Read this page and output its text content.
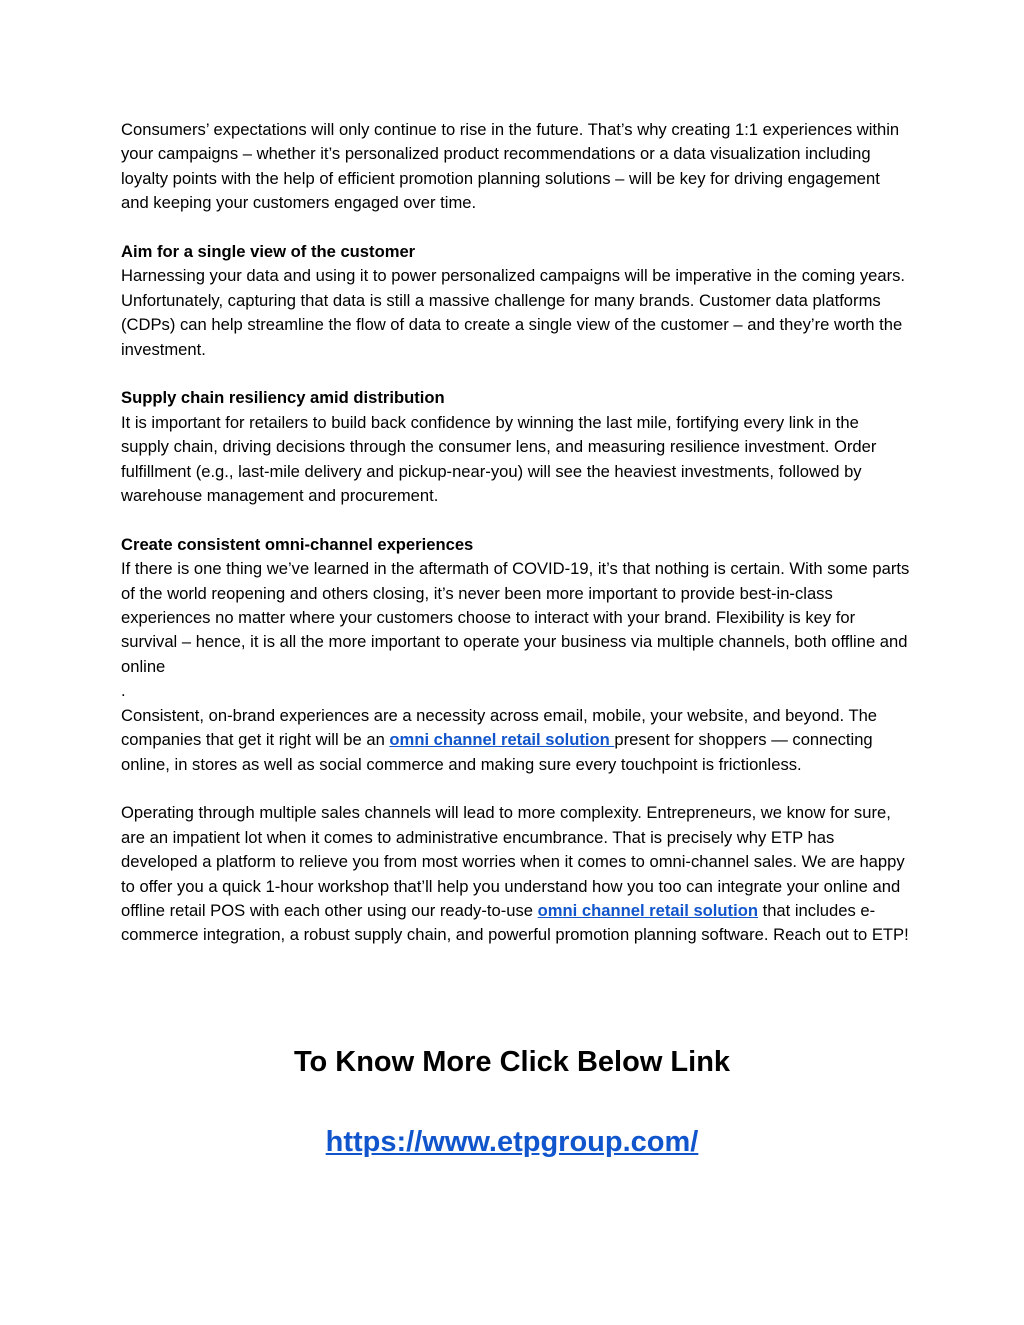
Consumers’ expectations will only continue to rise in the future. That’s why creating 1:1 experiences within your campaigns – whether it’s personalized product recommendations or a data visualization including loyalty points with the help of efficient promotion planning solutions – will be key for driving engagement and keeping your customers engaged over time.

Aim for a single view of the customer

Harnessing your data and using it to power personalized campaigns will be imperative in the coming years. Unfortunately, capturing that data is still a massive challenge for many brands. Customer data platforms (CDPs) can help streamline the flow of data to create a single view of the customer – and they’re worth the investment.

Supply chain resiliency amid distribution

It is important for retailers to build back confidence by winning the last mile, fortifying every link in the supply chain, driving decisions through the consumer lens, and measuring resilience investment. Order fulfillment (e.g., last-mile delivery and pickup-near-you) will see the heaviest investments, followed by warehouse management and procurement.

Create consistent omni-channel experiences

If there is one thing we’ve learned in the aftermath of COVID-19, it’s that nothing is certain. With some parts of the world reopening and others closing, it’s never been more important to provide best-in-class experiences no matter where your customers choose to interact with your brand. Flexibility is key for survival – hence, it is all the more important to operate your business via multiple channels, both offline and online

.

Consistent, on-brand experiences are a necessity across email, mobile, your website, and beyond. The companies that get it right will be an omni channel retail solution present for shoppers — connecting online, in stores as well as social commerce and making sure every touchpoint is frictionless.

Operating through multiple sales channels will lead to more complexity. Entrepreneurs, we know for sure, are an impatient lot when it comes to administrative encumbrance. That is precisely why ETP has developed a platform to relieve you from most worries when it comes to omni-channel sales. We are happy to offer you a quick 1-hour workshop that’ll help you understand how you too can integrate your online and offline retail POS with each other using our ready-to-use omni channel retail solution that includes e-commerce integration, a robust supply chain, and powerful promotion planning software. Reach out to ETP!

To Know More Click Below Link
https://www.etpgroup.com/
